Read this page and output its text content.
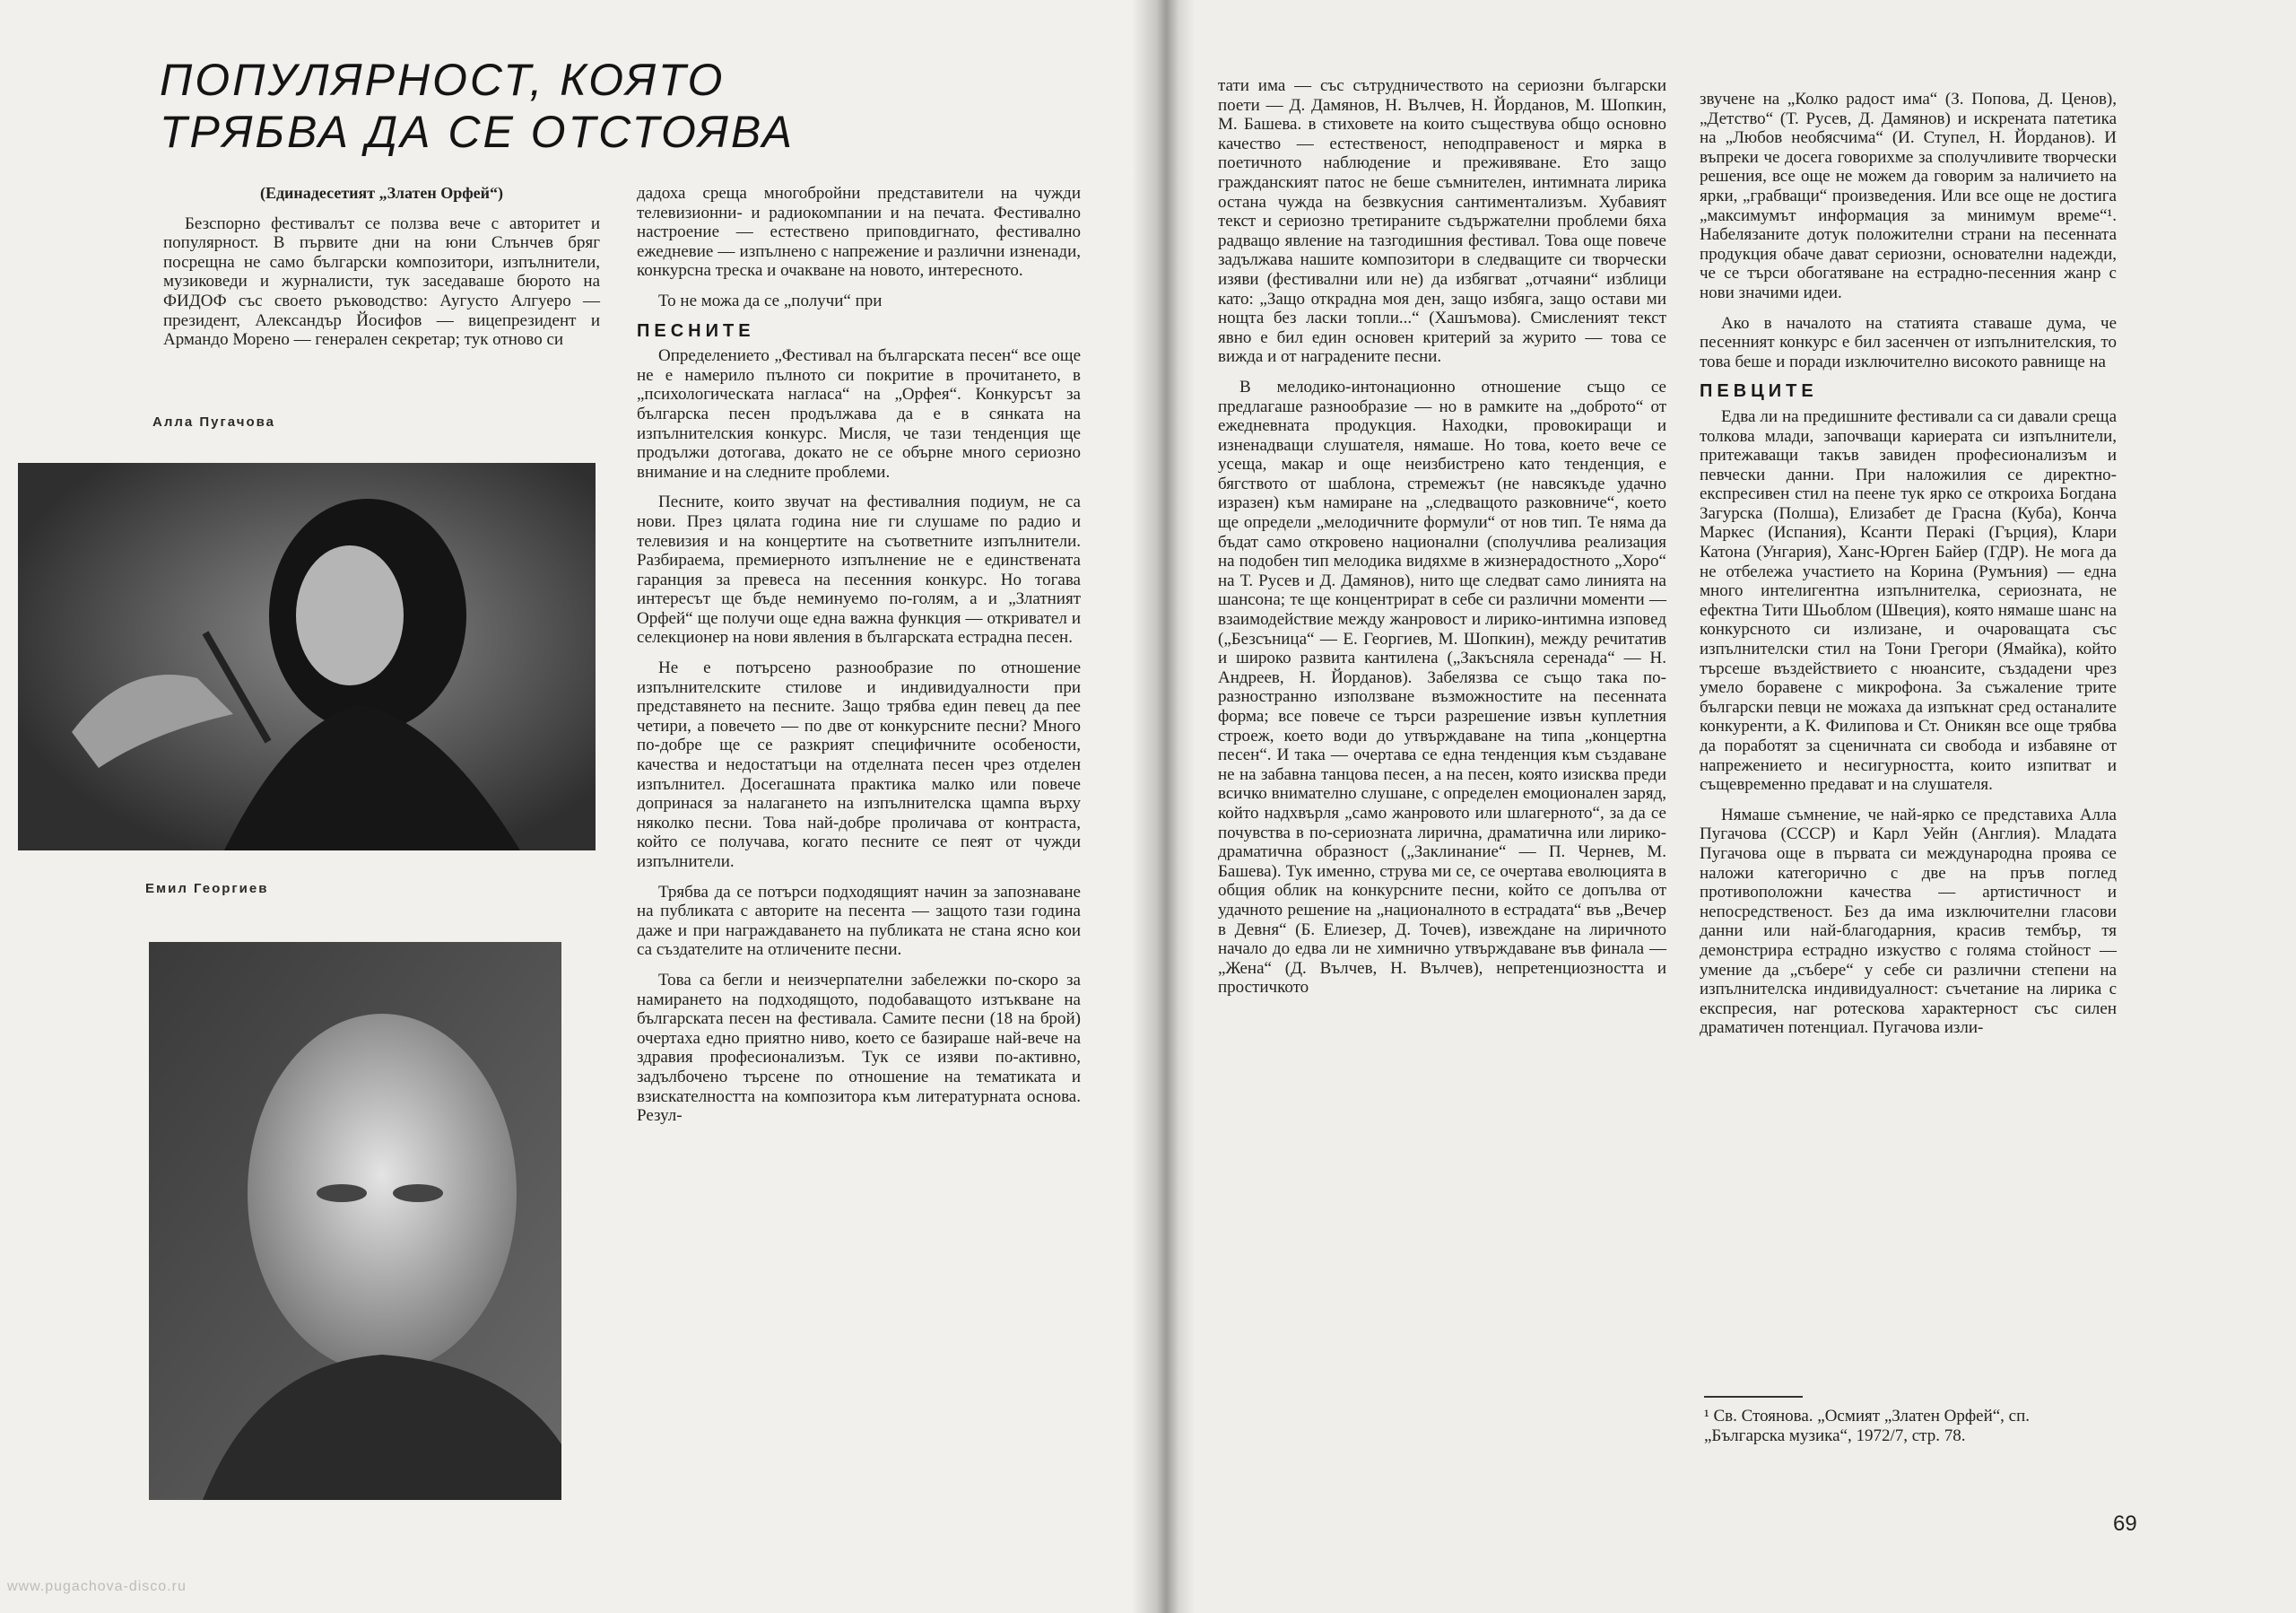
ПОПУЛЯРНОСТ, КОЯТО
ТРЯБВА ДА СЕ ОТСТОЯВА

(Единадесетият „Златен Орфей“)

Безспорно фестивалът се ползва вече с авторитет и популярност. В първите дни на юни Слънчев бряг посрещна не само български композитори, изпълнители, музиковеди и журналисти, тук заседаваше бюрото на ФИДОФ със своето ръководство: Аугусто Алгуеро — президент, Александър Йосифов — вицепрезидент и Армандо Морено — генерален секретар; тук отново си

Алла Пугачова
Емил Георгиев

дадоха среща многобройни представители на чужди телевизионни- и радиокомпании и на печата. Фестивално настроение — естествено приповдигнато, фестивално ежедневие — изпълнено с напрежение и различни изненади, конкурсна треска и очакване на новото, интересното.

То не можа да се „получи“ при

ПЕСНИТЕ

Определението „Фестивал на българската песен“ все още не е намерило пълното си покритие в прочитането, в „психологическата нагласа“ на „Орфея“. Конкурсът за българска песен продължава да е в сянката на изпълнителския конкурс. Мисля, че тази тенденция ще продължи дотогава, докато не се обърне много сериозно внимание и на следните проблеми.

Песните, които звучат на фестивалния подиум, не са нови. През цялата година ние ги слушаме по радио и телевизия и на концертите на съответните изпълнители. Разбираема, премиерното изпълнение не е единствената гаранция за превеса на песенния конкурс. Но тогава интересът ще бъде неминуемо по-голям, а и „Златният Орфей“ ще получи още една важна функция — откривател и селекционер на нови явления в българската естрадна песен.

Не е потърсено разнообразие по отношение изпълнителските стилове и индивидуалности при представянето на песните. Защо трябва един певец да пее четири, а повечето — по две от конкурсните песни? Много по-добре ще се разкрият специфичните особености, качества и недостатъци на отделната песен чрез отделен изпълнител. Досегашната практика малко или повече допринася за налагането на изпълнителска щампа върху няколко песни. Това най-добре проличава от контраста, който се получава, когато песните се пеят от чужди изпълнители.

Трябва да се потърси подходящият начин за запознаване на публиката с авторите на песента — защото тази година даже и при награждаването на публиката не стана ясно кои са създателите на отличените песни.

Това са бегли и неизчерпателни забележки по-скоро за намирането на подходящото, подобаващото изтъкване на българската песен на фестивала. Самите песни (18 на брой) очертаха едно приятно ниво, което се базираше най-вече на здравия професионализъм. Тук се изяви по-активно, задълбочено търсене по отношение на тематиката и взискателността на композитора към литературната основа. Резул-

www.pugachova-disco.ru

тати има — със сътрудничеството на сериозни български поети — Д. Дамянов, Н. Вълчев, Н. Йорданов, М. Шопкин, М. Башева. в стиховете на които съществува общо основно качество — естественост, неподправеност и мярка в поетичното наблюдение и преживяване. Ето защо гражданският патос не беше съмнителен, интимната лирика остана чужда на безвкусния сантиментализъм. Хубавият текст и сериозно третираните съдържателни проблеми бяха радващо явление на тазгодишния фестивал. Това още повече задължава нашите композитори в следващите си творчески изяви (фестивални или не) да избягват „отчаяни“ изблици като: „Защо открадна моя ден, защо избяга, защо остави ми нощта без ласки топли...“ (Хашъмова). Смисленият текст явно е бил един основен критерий за журито — това се вижда и от наградените песни.

В мелодико-интонационно отношение също се предлагаше разнообразие — но в рамките на „доброто“ от ежедневната продукция. Находки, провокиращи и изненадващи слушателя, нямаше. Но това, което вече се усеща, макар и още неизбистрено като тенденция, е бягството от шаблона, стремежът (не навсякъде удачно изразен) към намиране на „следващото разковничe“, което ще определи „мелодичните формули“ от нов тип. Те няма да бъдат само откровено национални (сполучлива реализация на подобен тип мелодика видяхме в жизнерадостното „Хоро“ на Т. Русев и Д. Дамянов), нито ще следват само линията на шансона; те ще концентрират в себе си различни моменти — взаимодействие между жанровост и лирико-интимна изповед („Безсъница“ — Е. Георгиев, М. Шопкин), между речитатив и широко развита кантилена („Закъсняла серенада“ — Н. Андреев, Н. Йорданов). Забелязва се също така по-разностранно използване възможностите на песенната форма; все повече се търси разрешение извън куплетния строеж, което води до утвърждаване на типа „концертна песен“. И така — очертава се една тенденция към създаване не на забавна танцова песен, а на песен, която изисква преди всичко внимателно слушане, с определен емоционален заряд, който надхвърля „само жанровото или шлагерното“, за да се почувства в по-сериозната лирична, драматична или лирико-драматична образност („Заклинание“ — П. Чернев, М. Башева). Тук именно, струва ми се, се очертава еволюцията в общия облик на конкурсните песни, който се допълва от удачното решение на „националното в естрадата“ във „Вечер в Девня“ (Б. Елиезер, Д. Точев), извеждане на лиричното начало до едва ли не химнично утвърждаване във финала — „Жена“ (Д. Вълчев, Н. Вълчев), непретенциозността и простичкото

звучене на „Колко радост има“ (З. Попова, Д. Ценов), „Детство“ (Т. Русев, Д. Дамянов) и искрената патетика на „Любов необясчима“ (И. Ступел, Н. Йорданов). И въпреки че досега говорихме за сполучливите творчески решения, все още не можем да говорим за наличието на ярки, „грабващи“ произведения. Или все още не достига „максимумът информация за минимум време“¹. Набелязаните дотук положителни страни на песенната продукция обаче дават сериозни, основателни надежди, че се търси обогатяване на естрадно-песенния жанр с нови значими идеи.

Ако в началото на статията ставаше дума, че песенният конкурс е бил засенчен от изпълнителския, то това беше и поради изключително високото равнище на

ПЕВЦИТЕ

Едва ли на предишните фестивали са си давали среща толкова млади, започващи кариерата си изпълнители, притежаващи такъв завиден професионализъм и певчески данни. При наложилия се директно-експресивен стил на пеене тук ярко се откроиха Богдана Загурска (Полша), Елизабет де Грасна (Куба), Конча Маркес (Испания), Ксанти Перакi (Гърция), Клари Катона (Унгария), Ханс-Юрген Байер (ГДР). Не мога да не отбележа участието на Корина (Румъния) — една много интелигентна изпълнителка, сериозната, не ефектна Тити Шьоблом (Швеция), която нямаше шанс на конкурсното си излизане, и очароващата със изпълнителски стил на Тони Грегори (Ямайка), който търсеше въздействието с нюансите, създадени чрез умело боравене с микрофона. За съжаление трите български певци не можаха да изпъкнат сред останалите конкуренти, а К. Филипова и Ст. Оникян все още трябва да поработят за сценичната си свобода и избавяне от напрежението и несигурността, които изпитват и същевременно предават и на слушателя.

Нямаше съмнение, че най-ярко се представиха Алла Пугачова (СССР) и Карл Уейн (Англия). Младата Пугачова още в първата си международна проява се наложи категорично с две на пръв поглед противоположни качества — артистичност и непосредственост. Без да има изключителни гласови данни или най-благодарния, красив тембър, тя демонстрира естрадно изкуство с голяма стойност — умение да „събере“ у себе си различни степени на изпълнителска индивидуалност: съчетание на лирика с експресия, наг ротескова характерност със силен драматичен потенциал. Пугачова изли-

¹ Св. Стоянова. „Осмият „Златен Орфей“, сп. „Българска музика“, 1972/7, стр. 78.
69
